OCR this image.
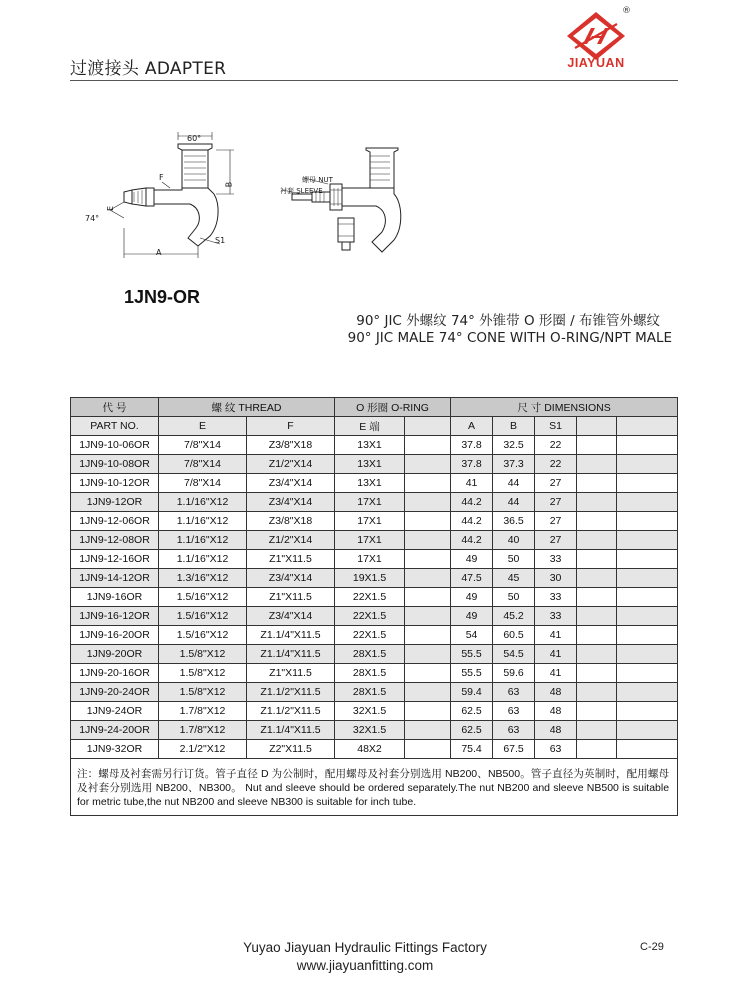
过渡接头 ADAPTER
®
JIAYUAN
60°
74°
F
E
B
A
S1
螺母 NUT
衬套 SLEEVE
1JN9-OR
90° JIC 外螺纹 74° 外锥带 O 形圈 / 布锥管外螺纹
90° JIC MALE 74° CONE WITH O-RING/NPT MALE
代 号	螺 纹 THREAD		O 形圈 O-RING		尺 寸 DIMENSIONS				
PART NO.	E	F	E 端		A	B	S1		
1JN9-10-06OR	7/8"X14	Z3/8"X18	13X1		37.8	32.5	22		
1JN9-10-08OR	7/8"X14	Z1/2"X14	13X1		37.8	37.3	22		
1JN9-10-12OR	7/8"X14	Z3/4"X14	13X1		41	44	27		
1JN9-12OR	1.1/16"X12	Z3/4"X14	17X1		44.2	44	27		
1JN9-12-06OR	1.1/16"X12	Z3/8"X18	17X1		44.2	36.5	27		
1JN9-12-08OR	1.1/16"X12	Z1/2"X14	17X1		44.2	40	27		
1JN9-12-16OR	1.1/16"X12	Z1"X11.5	17X1		49	50	33		
1JN9-14-12OR	1.3/16"X12	Z3/4"X14	19X1.5		47.5	45	30		
1JN9-16OR	1.5/16"X12	Z1"X11.5	22X1.5		49	50	33		
1JN9-16-12OR	1.5/16"X12	Z3/4"X14	22X1.5		49	45.2	33		
1JN9-16-20OR	1.5/16"X12	Z1.1/4"X11.5	22X1.5		54	60.5	41		
1JN9-20OR	1.5/8"X12	Z1.1/4"X11.5	28X1.5		55.5	54.5	41		
1JN9-20-16OR	1.5/8"X12	Z1"X11.5	28X1.5		55.5	59.6	41		
1JN9-20-24OR	1.5/8"X12	Z1.1/2"X11.5	28X1.5		59.4	63	48		
1JN9-24OR	1.7/8"X12	Z1.1/2"X11.5	32X1.5		62.5	63	48		
1JN9-24-20OR	1.7/8"X12	Z1.1/4"X11.5	32X1.5		62.5	63	48		
1JN9-32OR	2.1/2"X12	Z2"X11.5	48X2		75.4	67.5	63		
注：螺母及衬套需另行订货。管子直径 D 为公制时，配用螺母及衬套分别选用 NB200、NB500。管子直径为英制时，配用螺母及衬套分别选用 NB200、NB300。 Nut and sleeve should be ordered separately.The nut NB200 and sleeve NB500 is suitable for metric tube,the nut NB200 and sleeve NB300 is suitable for inch tube.									
Yuyao Jiayuan Hydraulic Fittings Factory
www.jiayuanfitting.com
C-29
